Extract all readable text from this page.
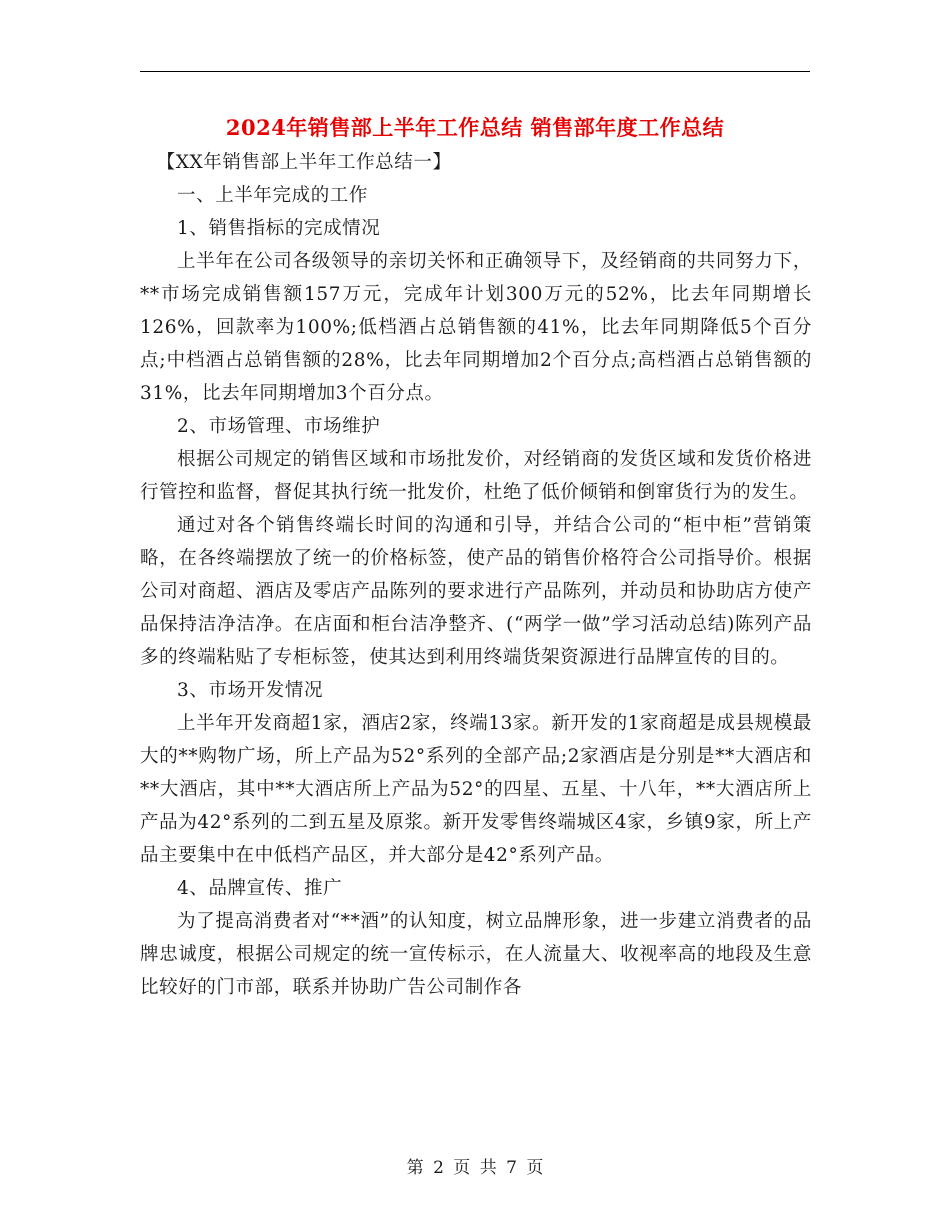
2024年销售部上半年工作总结 销售部年度工作总结

【XX年销售部上半年工作总结一】

一、上半年完成的工作

1、销售指标的完成情况

上半年在公司各级领导的亲切关怀和正确领导下，及经销商的共同努力下，**市场完成销售额157万元，完成年计划300万元的52%，比去年同期增长126%，回款率为100%;低档酒占总销售额的41%，比去年同期降低5个百分点;中档酒占总销售额的28%，比去年同期增加2个百分点;高档酒占总销售额的31%，比去年同期增加3个百分点。

2、市场管理、市场维护

根据公司规定的销售区域和市场批发价，对经销商的发货区域和发货价格进行管控和监督，督促其执行统一批发价，杜绝了低价倾销和倒窜货行为的发生。

通过对各个销售终端长时间的沟通和引导，并结合公司的“柜中柜”营销策略，在各终端摆放了统一的价格标签，使产品的销售价格符合公司指导价。根据公司对商超、酒店及零店产品陈列的要求进行产品陈列，并动员和协助店方使产品保持洁净洁净。在店面和柜台洁净整齐、(“两学一做”学习活动总结)陈列产品多的终端粘贴了专柜标签，使其达到利用终端货架资源进行品牌宣传的目的。

3、市场开发情况

上半年开发商超1家，酒店2家，终端13家。新开发的1家商超是成县规模最大的**购物广场，所上产品为52°系列的全部产品;2家酒店是分别是**大酒店和**大酒店，其中**大酒店所上产品为52°的四星、五星、十八年，**大酒店所上产品为42°系列的二到五星及原浆。新开发零售终端城区4家，乡镇9家，所上产品主要集中在中低档产品区，并大部分是42°系列产品。

4、品牌宣传、推广

为了提高消费者对“**酒”的认知度，树立品牌形象，进一步建立消费者的品牌忠诚度，根据公司规定的统一宣传标示，在人流量大、收视率高的地段及生意比较好的门市部，联系并协助广告公司制作各

第 2 页 共 7 页
